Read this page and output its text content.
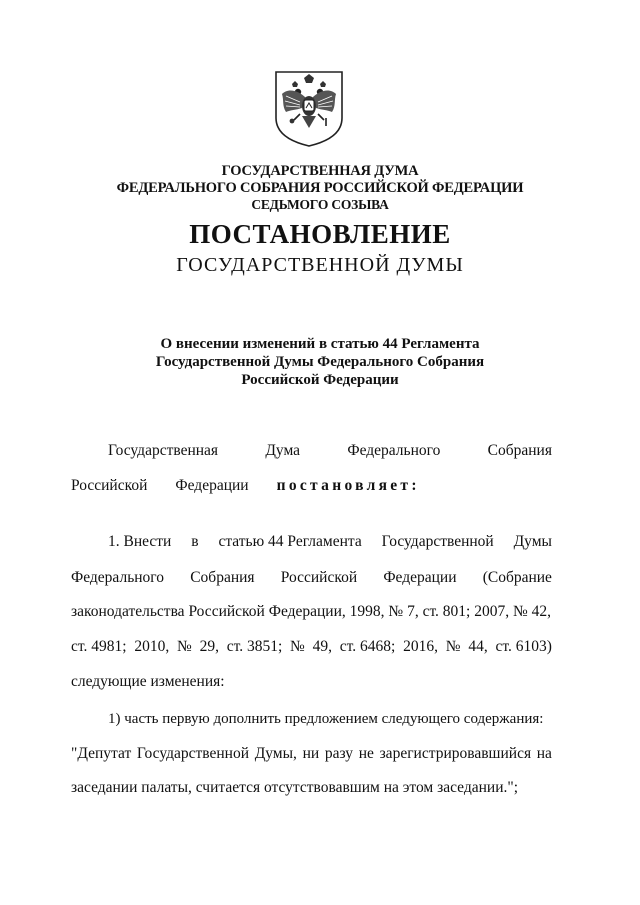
ГОСУДАРСТВЕННАЯ ДУМА
ФЕДЕРАЛЬНОГО СОБРАНИЯ РОССИЙСКОЙ ФЕДЕРАЦИИ
СЕДЬМОГО СОЗЫВА
ПОСТАНОВЛЕНИЕ
ГОСУДАРСТВЕННОЙ ДУМЫ
О внесении изменений в статью 44 Регламента
Государственной Думы Федерального Собрания
Российской Федерации
Государственная	Дума	Федерального	Собрания
Российской Федерации постановляет:
1. Внести в статью 44 Регламента Государственной Думы
Федерального Собрания Российской Федерации (Собрание
законодательства Российской Федерации, 1998, № 7, ст. 801; 2007, № 42,
ст. 4981; 2010, № 29, ст. 3851; № 49, ст. 6468; 2016, № 44, ст. 6103)
следующие изменения:
1) часть первую дополнить предложением следующего содержания:
"Депутат Государственной Думы, ни разу не зарегистрировавшийся на
заседании палаты, считается отсутствовавшим на этом заседании.";
